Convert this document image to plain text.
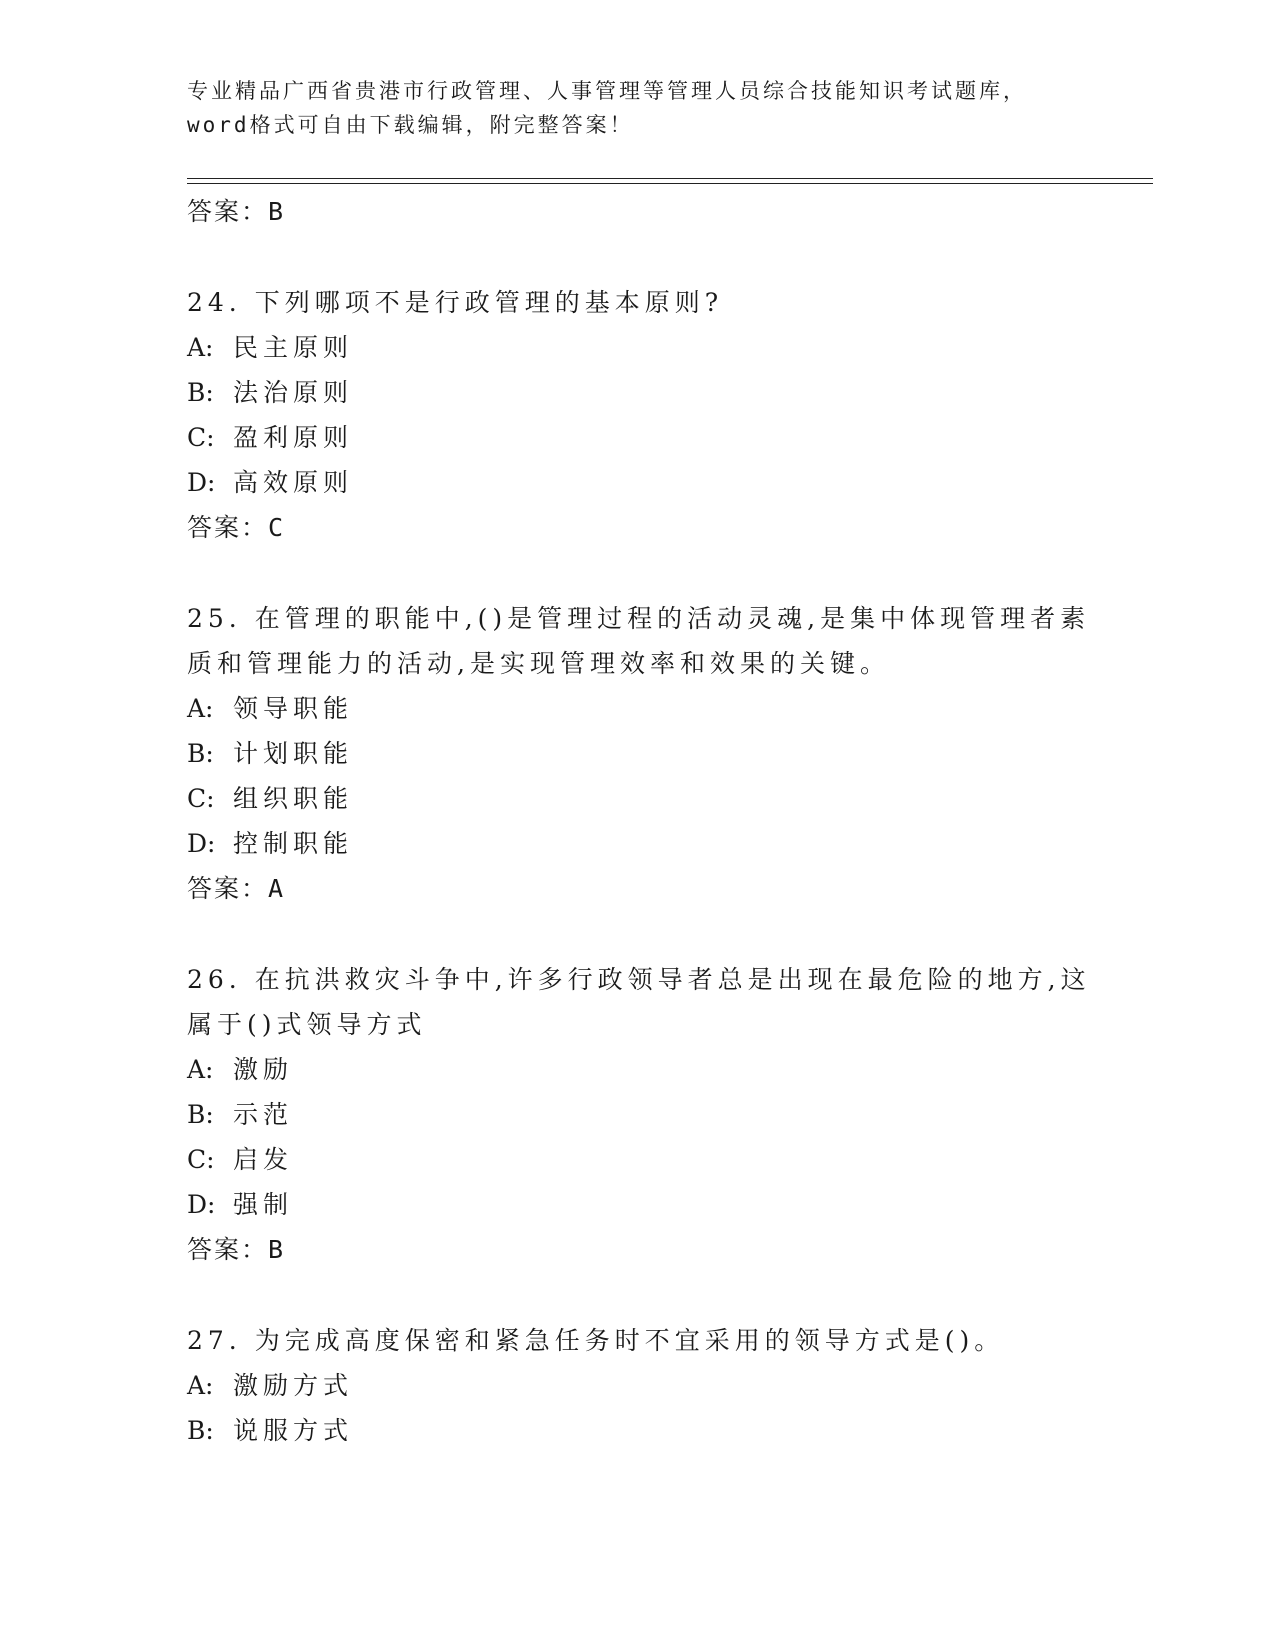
专业精品广西省贵港市行政管理、人事管理等管理人员综合技能知识考试题库，
word格式可自由下载编辑，附完整答案！
答案：B
24. 下列哪项不是行政管理的基本原则?
A: 民主原则
B: 法治原则
C: 盈利原则
D: 高效原则
答案：C
25. 在管理的职能中,()是管理过程的活动灵魂,是集中体现管理者素
质和管理能力的活动,是实现管理效率和效果的关键。
A: 领导职能
B: 计划职能
C: 组织职能
D: 控制职能
答案：A
26. 在抗洪救灾斗争中,许多行政领导者总是出现在最危险的地方,这
属于()式领导方式
A: 激励
B: 示范
C: 启发
D: 强制
答案：B
27. 为完成高度保密和紧急任务时不宜采用的领导方式是()。
A: 激励方式
B: 说服方式
